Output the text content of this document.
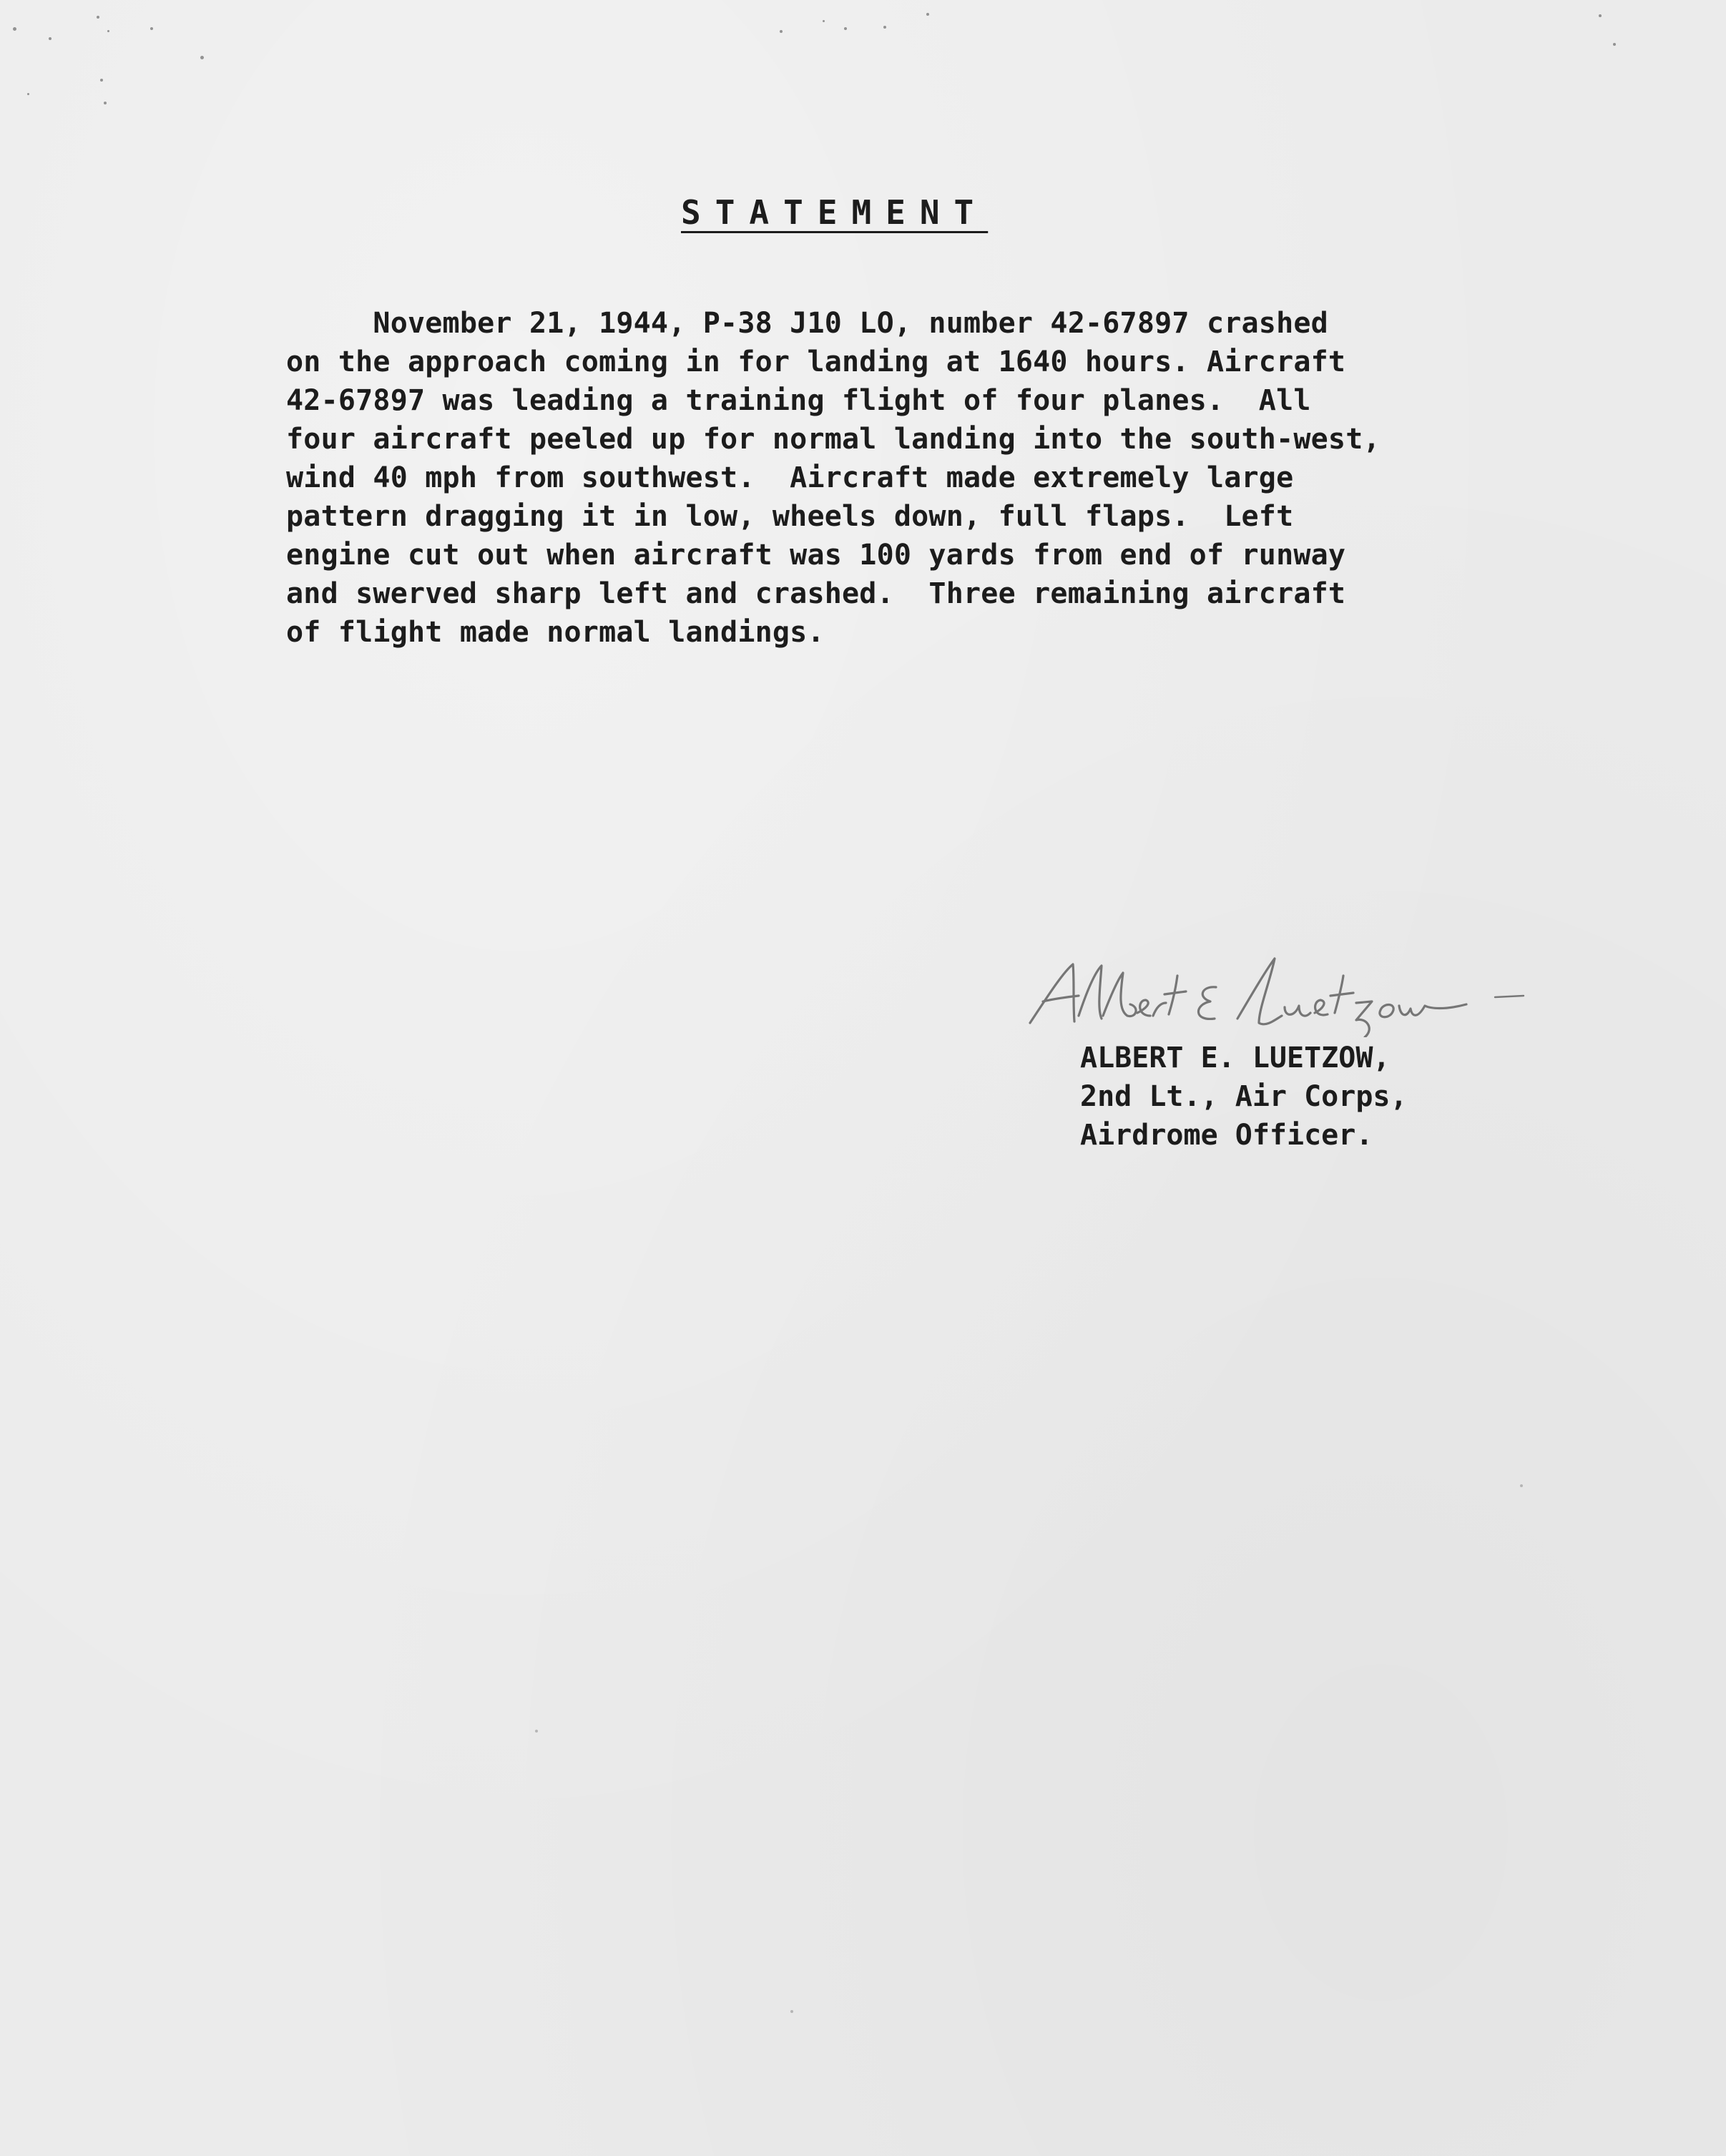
STATEMENT
November 21, 1944, P-38 J10 LO, number 42-67897 crashed
on the approach coming in for landing at 1640 hours. Aircraft
42-67897 was leading a training flight of four planes.  All
four aircraft peeled up for normal landing into the south-west,
wind 40 mph from southwest.  Aircraft made extremely large
pattern dragging it in low, wheels down, full flaps.  Left
engine cut out when aircraft was 100 yards from end of runway
and swerved sharp left and crashed.  Three remaining aircraft
of flight made normal landings.
ALBERT E. LUETZOW,
2nd Lt., Air Corps,
Airdrome Officer.
